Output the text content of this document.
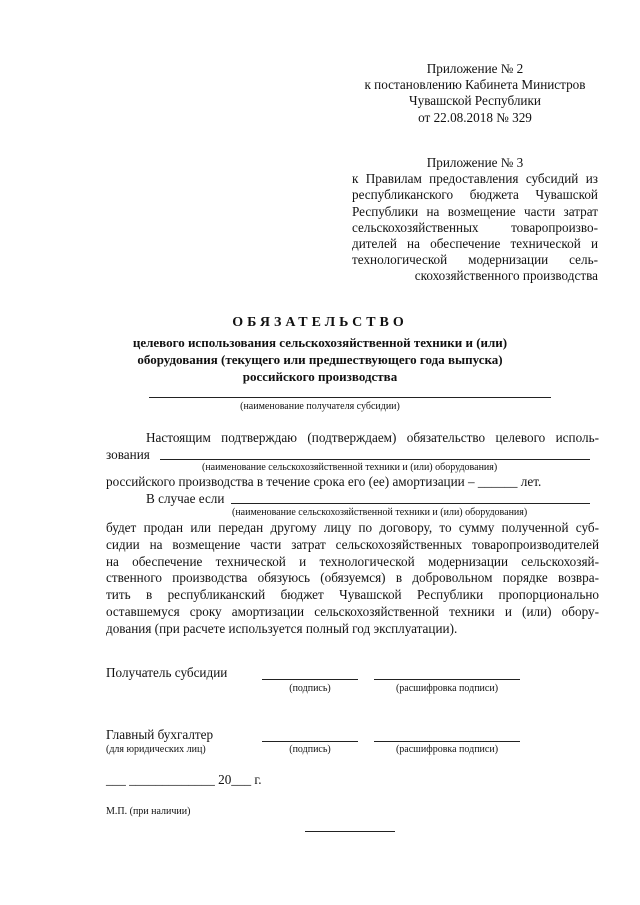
Приложение № 2
к постановлению Кабинета Министров
Чувашской Республики
от 22.08.2018 № 329
Приложение № 3
к Правилам предоставления субсидий из
республиканского бюджета Чувашской
Республики на возмещение части затрат
сельскохозяйственных товаропроизво-
дителей на обеспечение технической и
технологической модернизации сель-
скохозяйственного производства
ОБЯЗАТЕЛЬСТВО
целевого использования сельскохозяйственной техники и (или)
оборудования (текущего или предшествующего года выпуска)
российского производства
(наименование получателя субсидии)
Настоящим подтверждаю (подтверждаем) обязательство целевого исполь-
зования
(наименование сельскохозяйственной техники и (или) оборудования)
российского производства в течение срока его (ее) амортизации – ______ лет.
В случае если
(наименование сельскохозяйственной техники и (или) оборудования)
будет продан или передан другому лицу по договору, то сумму полученной суб-
сидии на возмещение части затрат сельскохозяйственных товаропроизводителей
на обеспечение технической и технологической модернизации сельскохозяй-
ственного производства обязуюсь (обязуемся) в добровольном порядке возвра-
тить в республиканский бюджет Чувашской Республики пропорционально
оставшемуся сроку амортизации сельскохозяйственной техники и (или) обору-
дования (при расчете используется полный год эксплуатации).
Получатель субсидии
(подпись)	(расшифровка подписи)
Главный бухгалтер
(для юридических лиц)	(подпись)	(расшифровка подписи)
___ _____________ 20___ г.
М.П. (при наличии)
